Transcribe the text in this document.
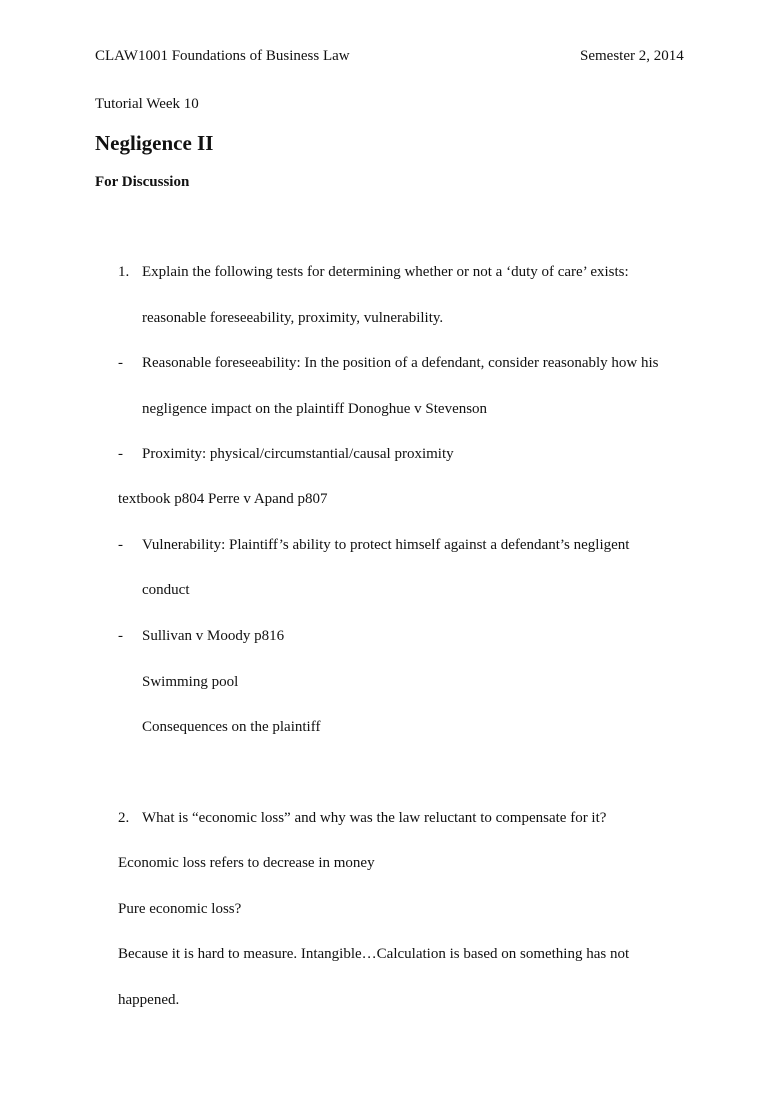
CLAW1001 Foundations of Business Law	Semester 2, 2014
Tutorial Week 10
Negligence II
For Discussion
1. Explain the following tests for determining whether or not a ‘duty of care’ exists:
reasonable foreseeability, proximity, vulnerability.
- Reasonable foreseeability: In the position of a defendant, consider reasonably how his
negligence impact on the plaintiff Donoghue v Stevenson
- Proximity: physical/circumstantial/causal proximity
textbook p804 Perre v Apand p807
- Vulnerability: Plaintiff’s ability to protect himself against a defendant’s negligent
conduct
- Sullivan v Moody p816
Swimming pool
Consequences on the plaintiff
2. What is “economic loss” and why was the law reluctant to compensate for it?
Economic loss refers to decrease in money
Pure economic loss?
Because it is hard to measure. Intangible…Calculation is based on something has not
happened.
